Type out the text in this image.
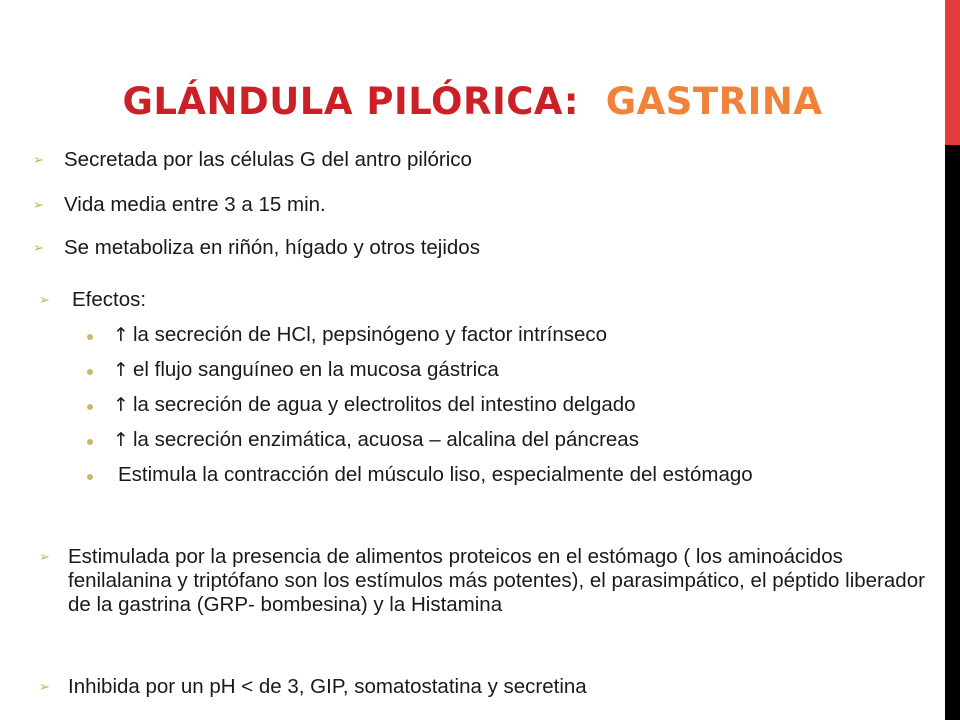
GLÁNDULA PILÓRICA: GASTRINA
➢ Secretada por las células G del antro pilórico
➢ Vida media entre 3 a 15 min.
➢ Se metaboliza en riñón, hígado y otros tejidos
➢ Efectos:
↑ la secreción de HCl, pepsinógeno y factor intrínseco
↑ el flujo sanguíneo en la mucosa gástrica
↑ la secreción de agua y electrolitos del intestino delgado
↑ la secreción enzimática, acuosa – alcalina del páncreas
Estimula la contracción del músculo liso, especialmente del estómago
➢ Estimulada por la presencia de alimentos proteicos en el estómago ( los aminoácidos fenilalanina y triptófano son los estímulos más potentes), el parasimpático, el péptido liberador de la gastrina (GRP- bombesina) y la Histamina
➢ Inhibida por un pH < de 3, GIP, somatostatina y secretina
